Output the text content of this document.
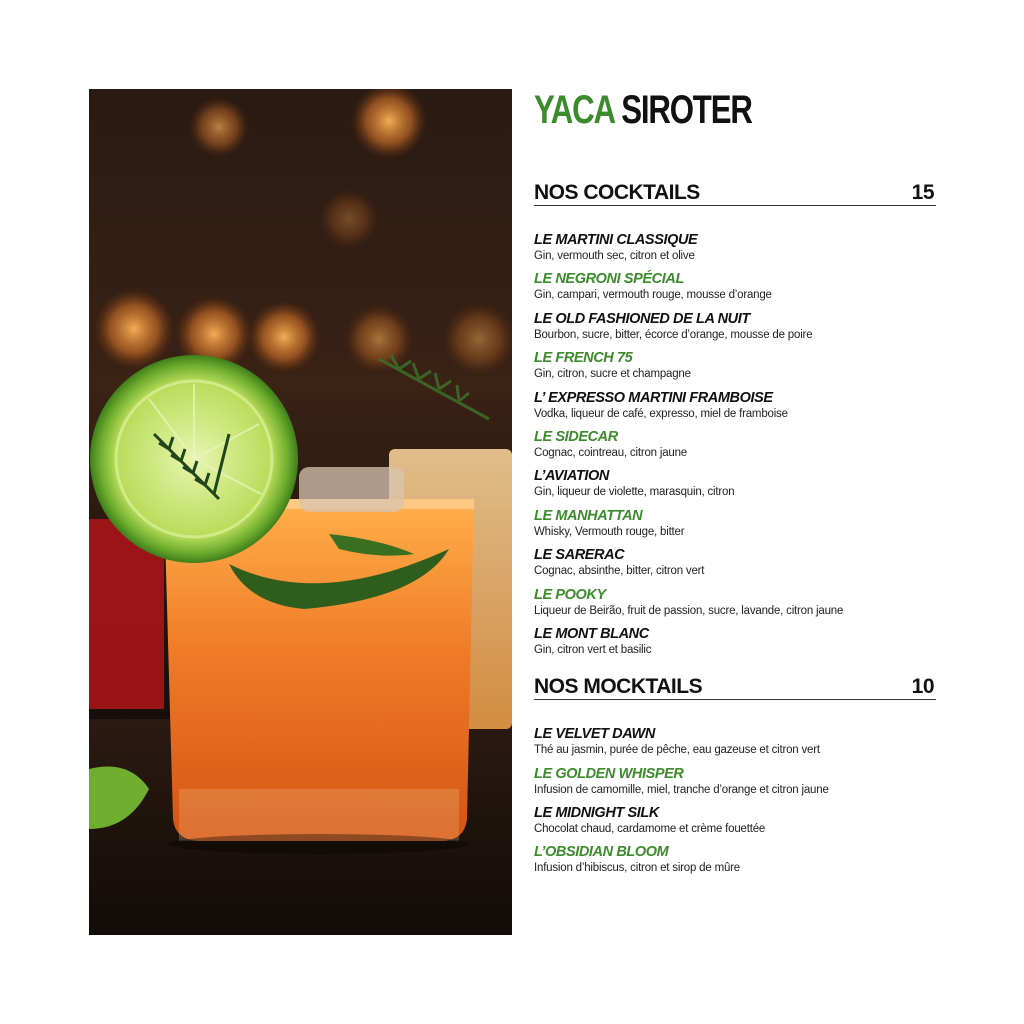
YACA SIROTER
NOS COCKTAILS	15
LE MARTINI CLASSIQUE
Gin, vermouth sec, citron et olive
LE NEGRONI SPÉCIAL
Gin, campari, vermouth rouge, mousse d’orange
LE OLD FASHIONED DE LA NUIT
Bourbon, sucre, bitter, écorce d’orange, mousse de poire
LE FRENCH 75
Gin, citron, sucre et champagne
L’ EXPRESSO MARTINI FRAMBOISE
Vodka, liqueur de café, expresso, miel de framboise
LE SIDECAR
Cognac, cointreau, citron jaune
L’AVIATION
Gin, liqueur de violette, marasquin, citron
LE MANHATTAN
Whisky, Vermouth rouge, bitter
LE SARERAC
Cognac, absinthe, bitter, citron vert
LE POOKY
Liqueur de Beirão, fruit de passion, sucre, lavande, citron jaune
LE MONT BLANC
Gin, citron vert et basilic
NOS MOCKTAILS	10
LE VELVET DAWN
Thé au jasmin, purée de pêche, eau gazeuse et citron vert
LE GOLDEN WHISPER
Infusion de camomille, miel, tranche d’orange et citron jaune
LE MIDNIGHT SILK
Chocolat chaud, cardamome et crème fouettée
L’OBSIDIAN BLOOM
Infusion d’hibiscus, citron et sirop de mûre
